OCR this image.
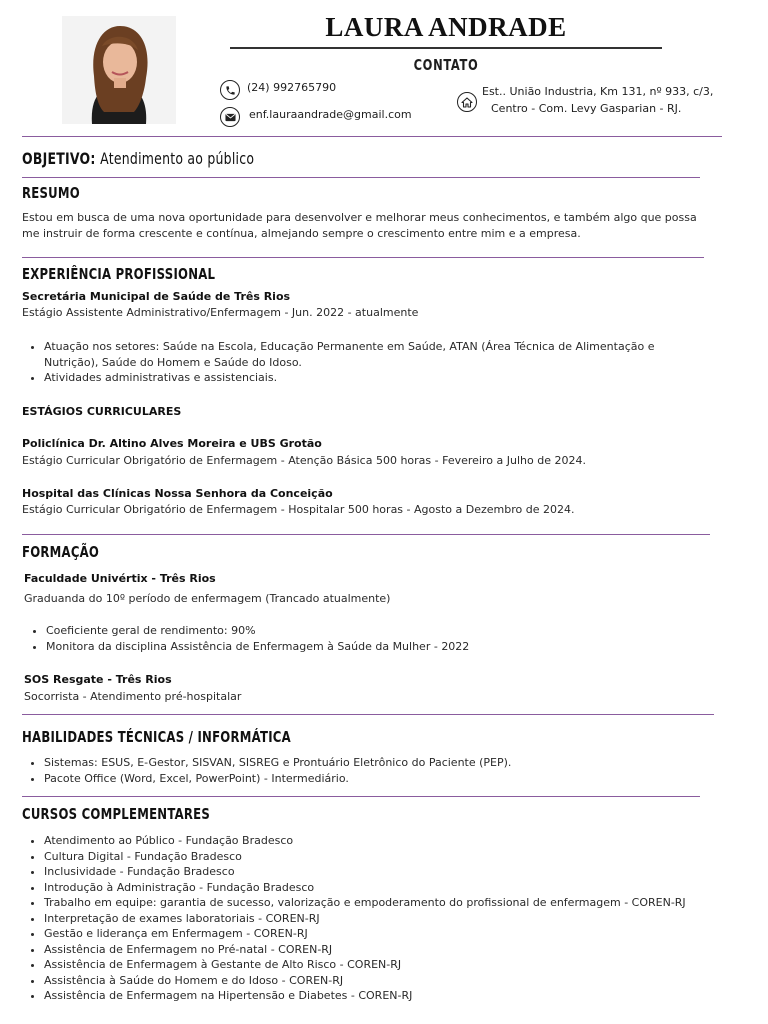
LAURA ANDRADE
CONTATO
(24) 992765790
enf.lauraandrade@gmail.com
Est.. União Industria, Km 131, nº 933, c/3,
Centro - Com. Levy Gasparian - RJ.
OBJETIVO: Atendimento ao público
RESUMO
Estou em busca de uma nova oportunidade para desenvolver e melhorar meus conhecimentos, e também algo que possa
me instruir de forma crescente e contínua, almejando sempre o crescimento entre mim e a empresa.
EXPERIÊNCIA PROFISSIONAL
Secretária Municipal de Saúde de Três Rios
Estágio Assistente Administrativo/Enfermagem - Jun. 2022 - atualmente
• Atuação nos setores: Saúde na Escola, Educação Permanente em Saúde, ATAN (Área Técnica de Alimentação e Nutrição), Saúde do Homem e Saúde do Idoso.
• Atividades administrativas e assistenciais.
ESTÁGIOS CURRICULARES
Policlínica Dr. Altino Alves Moreira e UBS Grotão
Estágio Curricular Obrigatório de Enfermagem - Atenção Básica 500 horas - Fevereiro a Julho de 2024.
Hospital das Clínicas Nossa Senhora da Conceição
Estágio Curricular Obrigatório de Enfermagem - Hospitalar 500 horas - Agosto a Dezembro de 2024.
FORMAÇÃO
Faculdade Univértix - Três Rios
Graduanda do 10º período de enfermagem (Trancado atualmente)
• Coeficiente geral de rendimento: 90%
• Monitora da disciplina Assistência de Enfermagem à Saúde da Mulher - 2022
SOS Resgate - Três Rios
Socorrista - Atendimento pré-hospitalar
HABILIDADES TÉCNICAS / INFORMÁTICA
• Sistemas: ESUS, E-Gestor, SISVAN, SISREG e Prontuário Eletrônico do Paciente (PEP).
• Pacote Office (Word, Excel, PowerPoint) - Intermediário.
CURSOS COMPLEMENTARES
• Atendimento ao Público - Fundação Bradesco
• Cultura Digital - Fundação Bradesco
• Inclusividade - Fundação Bradesco
• Introdução à Administração - Fundação Bradesco
• Trabalho em equipe: garantia de sucesso, valorização e empoderamento do profissional de enfermagem - COREN-RJ
• Interpretação de exames laboratoriais - COREN-RJ
• Gestão e liderança em Enfermagem - COREN-RJ
• Assistência de Enfermagem no Pré-natal - COREN-RJ
• Assistência de Enfermagem à Gestante de Alto Risco - COREN-RJ
• Assistência à Saúde do Homem e do Idoso - COREN-RJ
• Assistência de Enfermagem na Hipertensão e Diabetes - COREN-RJ
